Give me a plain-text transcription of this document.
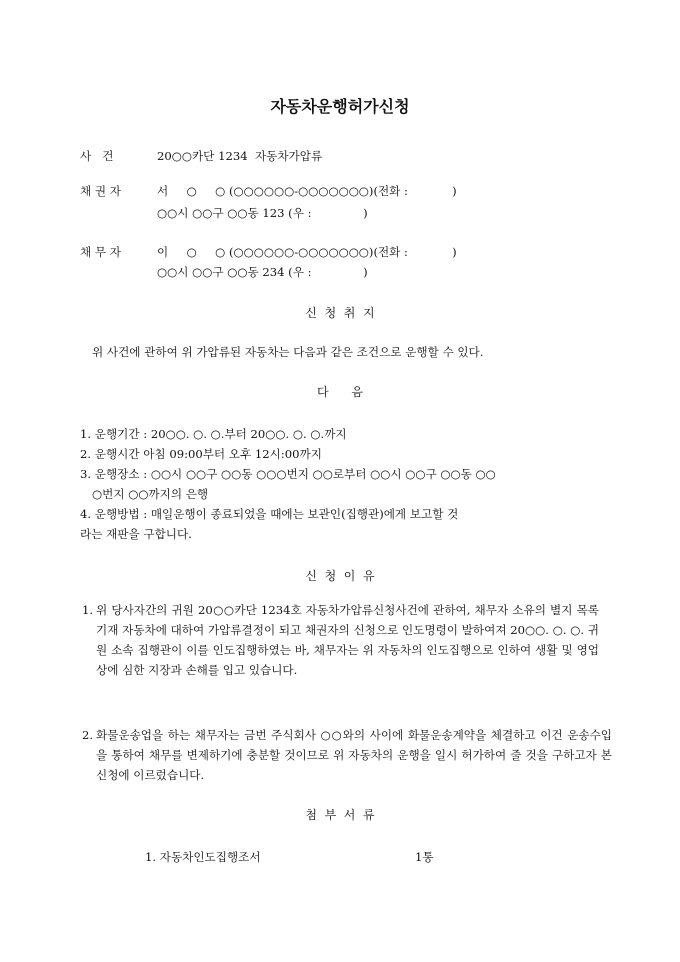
자동차운행허가신청
사   건	20○○카단 1234  자동차가압류
채 권 자	서     ○     ○ (○○○○○○-○○○○○○○)(전화 :            )
○○시 ○○구 ○○동 123 (우 :              )
채 무 자	이     ○     ○ (○○○○○○-○○○○○○○)(전화 :            )
○○시 ○○구 ○○동 234 (우 :              )
신  청  취  지
위 사건에 관하여 위 가압류된 자동차는 다음과 같은 조건으로 운행할 수 있다.
다      음
1. 운행기간 : 20○○. ○. ○.부터 20○○. ○. ○.까지
2. 운행시간 아침 09:00부터 오후 12시:00까지
3. 운행장소 : ○○시 ○○구 ○○동 ○○○번지 ○○로부터 ○○시 ○○구 ○○동 ○○
○번지 ○○까지의 은행
4. 운행방법 : 매일운행이 종료되었을 때에는 보관인(집행관)에게 보고할 것
라는 재판을 구합니다.
신  청  이  유
1. 위 당사자간의 귀원 20○○카단 1234호 자동차가압류신청사건에 관하여, 채무자 소유의 별지 목록 기재 자동차에 대하여 가압류결정이 되고 채권자의 신청으로 인도명령이 발하여져 20○○. ○. ○. 귀원 소속 집행관이 이를 인도집행하였는 바, 채무자는 위 자동차의 인도집행으로 인하여 생활 및 영업상에 심한 지장과 손해를 입고 있습니다.
2. 화물운송업을 하는 채무자는 금번 주식회사 ○○와의 사이에 화물운송계약을 체결하고 이건 운송수입을 통하여 채무를 변제하기에 충분할 것이므로 위 자동차의 운행을 일시 허가하여 줄 것을 구하고자 본 신청에 이르렀습니다.
첨  부  서  류
1. 자동차인도집행조서	1통
